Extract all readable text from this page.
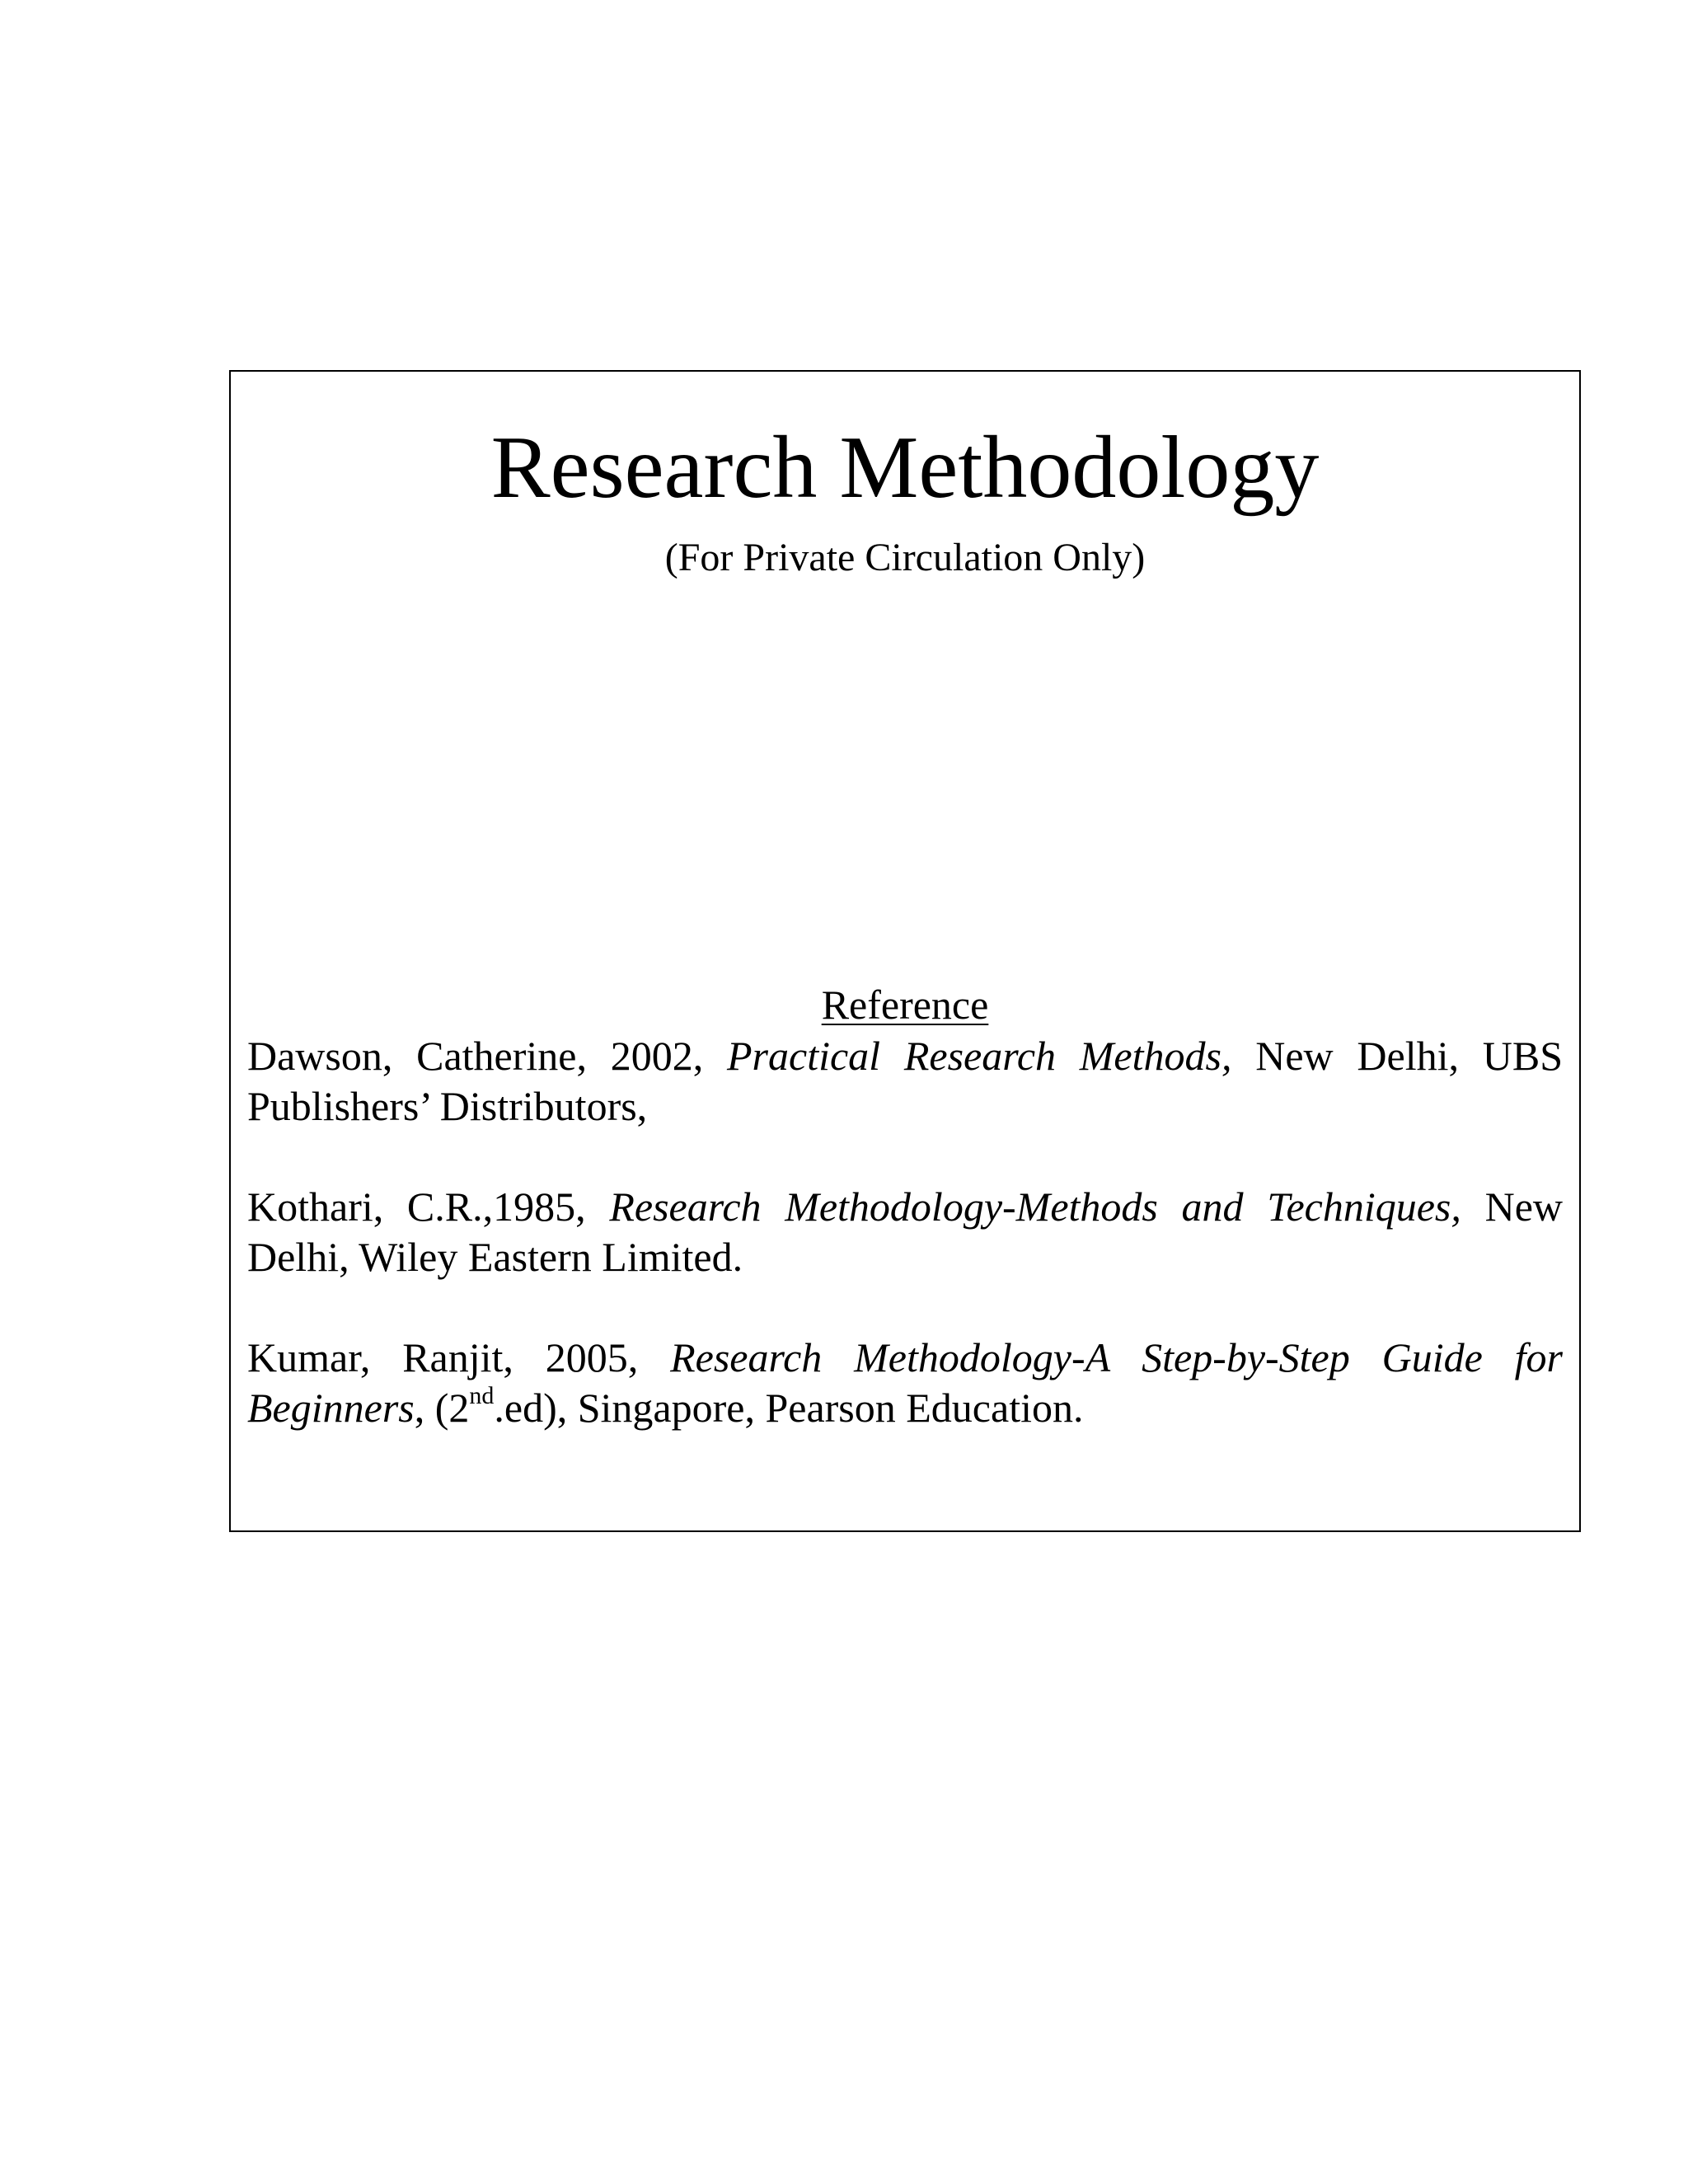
Research Methodology
(For Private Circulation Only)
Reference

Dawson, Catherine, 2002, Practical Research Methods, New Delhi, UBS Publishers’ Distributors,

Kothari, C.R.,1985, Research Methodology-Methods and Techniques, New Delhi, Wiley Eastern Limited.

Kumar, Ranjit, 2005, Research Methodology-A Step-by-Step Guide for Beginners, (2nd.ed), Singapore, Pearson Education.
